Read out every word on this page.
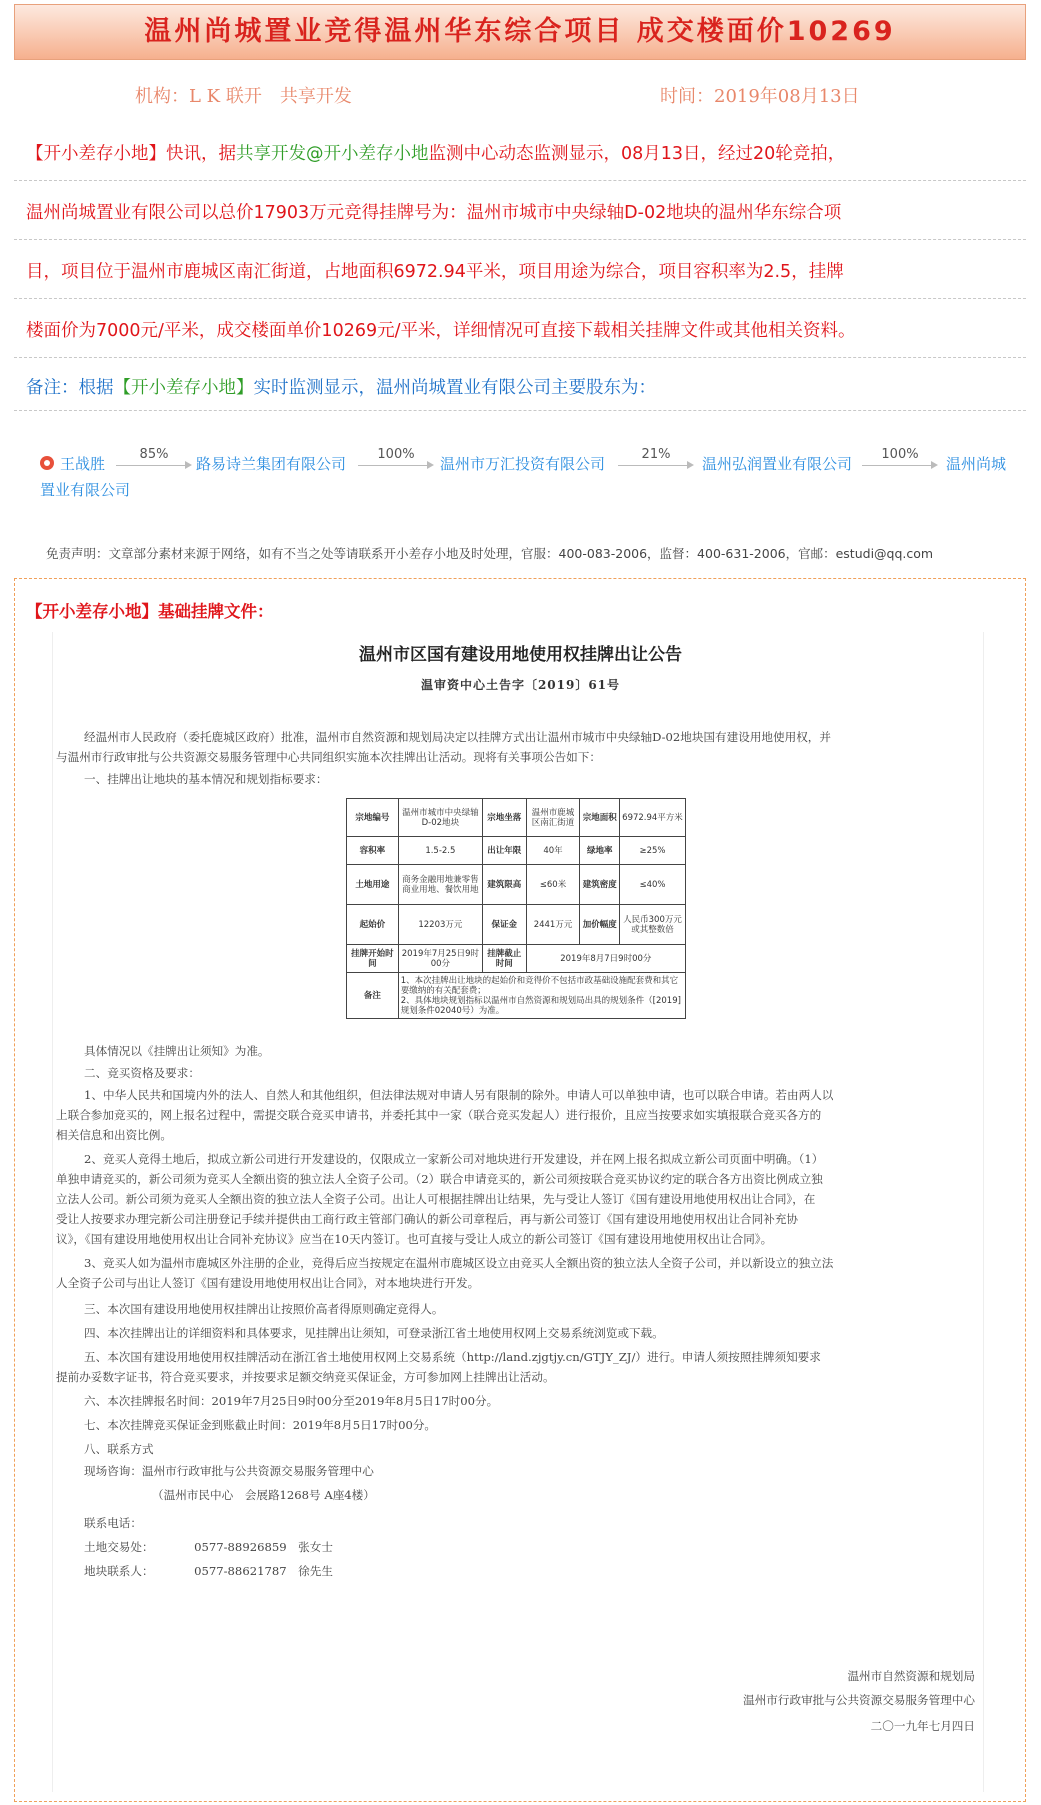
温州尚城置业竞得温州华东综合项目 成交楼面价10269
机构：L K 联开　共享开发	时间：2019年08月13日
【开小差存小地】快讯，据共享开发@开小差存小地监测中心动态监测显示，08月13日，经过20轮竞拍，
温州尚城置业有限公司以总价17903万元竞得挂牌号为：温州市城市中央绿轴D-02地块的温州华东综合项
目，项目位于温州市鹿城区南汇街道，占地面积6972.94平米，项目用途为综合，项目容积率为2.5，挂牌
楼面价为7000元/平米，成交楼面单价10269元/平米，详细情况可直接下载相关挂牌文件或其他相关资料。
备注：根据【开小差存小地】实时监测显示，温州尚城置业有限公司主要股东为：
王战胜
85%
路易诗兰集团有限公司
100%
温州市万汇投资有限公司
21%
温州弘润置业有限公司
100%
温州尚城
置业有限公司
免责声明：文章部分素材来源于网络，如有不当之处等请联系开小差存小地及时处理，官服：400-083-2006，监督：400-631-2006，官邮：estudi@qq.com
【开小差存小地】基础挂牌文件：
温州市区国有建设用地使用权挂牌出让公告
温审资中心土告字〔2019〕61号
经温州市人民政府（委托鹿城区政府）批准，温州市自然资源和规划局决定以挂牌方式出让温州市城市中央绿轴D-02地块国有建设用地使用权，并
与温州市行政审批与公共资源交易服务管理中心共同组织实施本次挂牌出让活动。现将有关事项公告如下：
一、挂牌出让地块的基本情况和规划指标要求：
宗地编号	温州市城市中央绿轴D-02地块	宗地坐落	温州市鹿城区南汇街道	宗地面积	6972.94平方米
容积率	1.5-2.5	出让年限	40年	绿地率	≥25%
土地用途	商务金融用地兼零售商业用地、餐饮用地	建筑限高	≤60米	建筑密度	≤40%
起始价	12203万元	保证金	2441万元	加价幅度	人民币300万元或其整数倍
挂牌开始时间	2019年7月25日9时00分	挂牌截止时间	2019年8月7日9时00分		
备注	1、本次挂牌出让地块的起始价和竞得价不包括市政基础设施配套费和其它要缴纳的有关配套费；
2、具体地块规划指标以温州市自然资源和规划局出具的规划条件（[2019]规划条件02040号）为准。				
具体情况以《挂牌出让须知》为准。
二、竞买资格及要求：
1、中华人民共和国境内外的法人、自然人和其他组织，但法律法规对申请人另有限制的除外。申请人可以单独申请，也可以联合申请。若由两人以
上联合参加竞买的，网上报名过程中，需提交联合竞买申请书，并委托其中一家（联合竞买发起人）进行报价，且应当按要求如实填报联合竞买各方的
相关信息和出资比例。
2、竞买人竞得土地后，拟成立新公司进行开发建设的，仅限成立一家新公司对地块进行开发建设，并在网上报名拟成立新公司页面中明确。（1）
单独申请竞买的，新公司须为竞买人全额出资的独立法人全资子公司。（2）联合申请竞买的，新公司须按联合竞买协议约定的联合各方出资比例成立独
立法人公司。新公司须为竞买人全额出资的独立法人全资子公司。出让人可根据挂牌出让结果，先与受让人签订《国有建设用地使用权出让合同》，在
受让人按要求办理完新公司注册登记手续并提供由工商行政主管部门确认的新公司章程后，再与新公司签订《国有建设用地使用权出让合同补充协
议》，《国有建设用地使用权出让合同补充协议》应当在10天内签订。也可直接与受让人成立的新公司签订《国有建设用地使用权出让合同》。
3、竞买人如为温州市鹿城区外注册的企业，竞得后应当按规定在温州市鹿城区设立由竞买人全额出资的独立法人全资子公司，并以新设立的独立法
人全资子公司与出让人签订《国有建设用地使用权出让合同》，对本地块进行开发。
三、本次国有建设用地使用权挂牌出让按照价高者得原则确定竞得人。
四、本次挂牌出让的详细资料和具体要求，见挂牌出让须知，可登录浙江省土地使用权网上交易系统浏览或下载。
五、本次国有建设用地使用权挂牌活动在浙江省土地使用权网上交易系统（http://land.zjgtjy.cn/GTJY_ZJ/）进行。申请人须按照挂牌须知要求
提前办妥数字证书，符合竞买要求，并按要求足额交纳竞买保证金，方可参加网上挂牌出让活动。
六、本次挂牌报名时间：2019年7月25日9时00分至2019年8月5日17时00分。
七、本次挂牌竞买保证金到账截止时间：2019年8月5日17时00分。
八、联系方式
现场咨询：温州市行政审批与公共资源交易服务管理中心
（温州市民中心　会展路1268号 A座4楼）
联系电话：
土地交易处：　　　　0577-88926859　张女士
地块联系人：　　　　0577-88621787　徐先生
温州市自然资源和规划局
温州市行政审批与公共资源交易服务管理中心
二〇一九年七月四日
